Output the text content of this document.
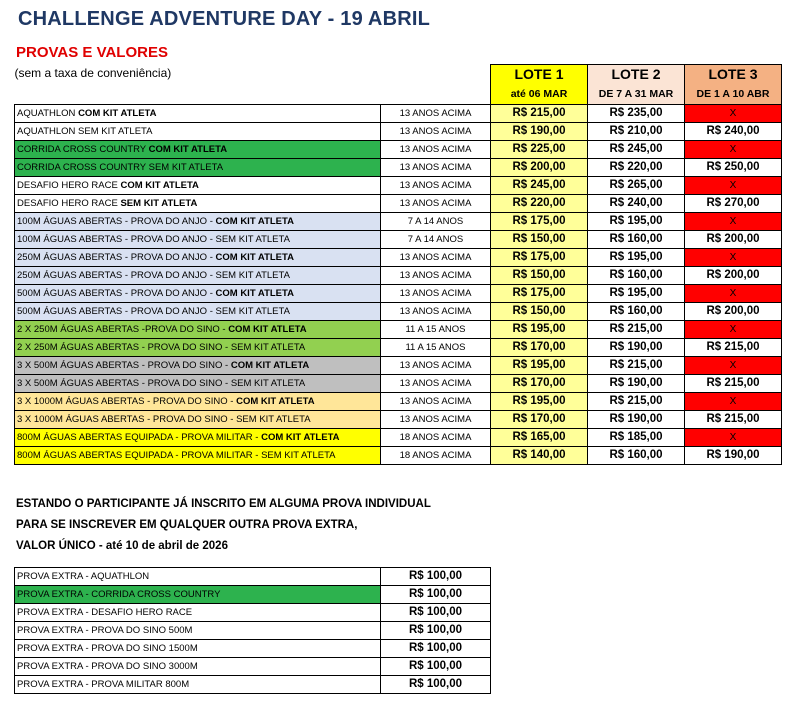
CHALLENGE ADVENTURE DAY - 19 ABRIL
PROVAS E VALORES
(sem a taxa de conveniência)		LOTE 1	LOTE 2	LOTE 3
		até 06 MAR	DE 7 A 31 MAR	DE 1 A 10 ABR
AQUATHLON COM KIT ATLETA	13 ANOS ACIMA	R$ 215,00	R$ 235,00	X
AQUATHLON SEM KIT ATLETA	13 ANOS ACIMA	R$ 190,00	R$ 210,00	R$ 240,00
CORRIDA CROSS COUNTRY COM KIT ATLETA	13 ANOS ACIMA	R$ 225,00	R$ 245,00	X
CORRIDA CROSS COUNTRY SEM KIT ATLETA	13 ANOS ACIMA	R$ 200,00	R$ 220,00	R$ 250,00
DESAFIO HERO RACE COM KIT ATLETA	13 ANOS ACIMA	R$ 245,00	R$ 265,00	X
DESAFIO HERO RACE SEM KIT ATLETA	13 ANOS ACIMA	R$ 220,00	R$ 240,00	R$ 270,00
100M ÁGUAS ABERTAS - PROVA DO ANJO - COM KIT ATLETA	7 A 14 ANOS	R$ 175,00	R$ 195,00	X
100M ÁGUAS ABERTAS - PROVA DO ANJO - SEM KIT ATLETA	7 A 14 ANOS	R$ 150,00	R$ 160,00	R$ 200,00
250M ÁGUAS ABERTAS - PROVA DO ANJO - COM KIT ATLETA	13 ANOS ACIMA	R$ 175,00	R$ 195,00	X
250M ÁGUAS ABERTAS - PROVA DO ANJO - SEM KIT ATLETA	13 ANOS ACIMA	R$ 150,00	R$ 160,00	R$ 200,00
500M ÁGUAS ABERTAS - PROVA DO ANJO - COM KIT ATLETA	13 ANOS ACIMA	R$ 175,00	R$ 195,00	X
500M ÁGUAS ABERTAS - PROVA DO ANJO - SEM KIT ATLETA	13 ANOS ACIMA	R$ 150,00	R$ 160,00	R$ 200,00
2 X 250M ÁGUAS ABERTAS -PROVA DO SINO - COM KIT ATLETA	11 A 15 ANOS	R$ 195,00	R$ 215,00	X
2 X 250M ÁGUAS ABERTAS - PROVA DO SINO - SEM KIT ATLETA	11 A 15 ANOS	R$ 170,00	R$ 190,00	R$ 215,00
3 X 500M ÁGUAS ABERTAS - PROVA DO SINO - COM KIT ATLETA	13 ANOS ACIMA	R$ 195,00	R$ 215,00	X
3 X 500M ÁGUAS ABERTAS - PROVA DO SINO - SEM KIT ATLETA	13 ANOS ACIMA	R$ 170,00	R$ 190,00	R$ 215,00
3 X 1000M ÁGUAS ABERTAS - PROVA DO SINO - COM KIT ATLETA	13 ANOS ACIMA	R$ 195,00	R$ 215,00	X
3 X 1000M ÁGUAS ABERTAS - PROVA DO SINO - SEM KIT ATLETA	13 ANOS ACIMA	R$ 170,00	R$ 190,00	R$ 215,00
800M ÁGUAS ABERTAS EQUIPADA - PROVA MILITAR - COM KIT ATLETA	18 ANOS ACIMA	R$ 165,00	R$ 185,00	X
800M ÁGUAS ABERTAS EQUIPADA - PROVA MILITAR - SEM KIT ATLETA	18 ANOS ACIMA	R$ 140,00	R$ 160,00	R$ 190,00
ESTANDO O PARTICIPANTE JÁ INSCRITO EM ALGUMA PROVA INDIVIDUAL
PARA SE INSCREVER EM QUALQUER OUTRA PROVA EXTRA,
VALOR ÚNICO - até 10 de abril de 2026
PROVA EXTRA - AQUATHLON	R$ 100,00
PROVA EXTRA - CORRIDA CROSS COUNTRY	R$ 100,00
PROVA EXTRA - DESAFIO HERO RACE	R$ 100,00
PROVA EXTRA - PROVA DO SINO 500M	R$ 100,00
PROVA EXTRA - PROVA DO SINO 1500M	R$ 100,00
PROVA EXTRA - PROVA DO SINO 3000M	R$ 100,00
PROVA EXTRA - PROVA MILITAR 800M	R$ 100,00
